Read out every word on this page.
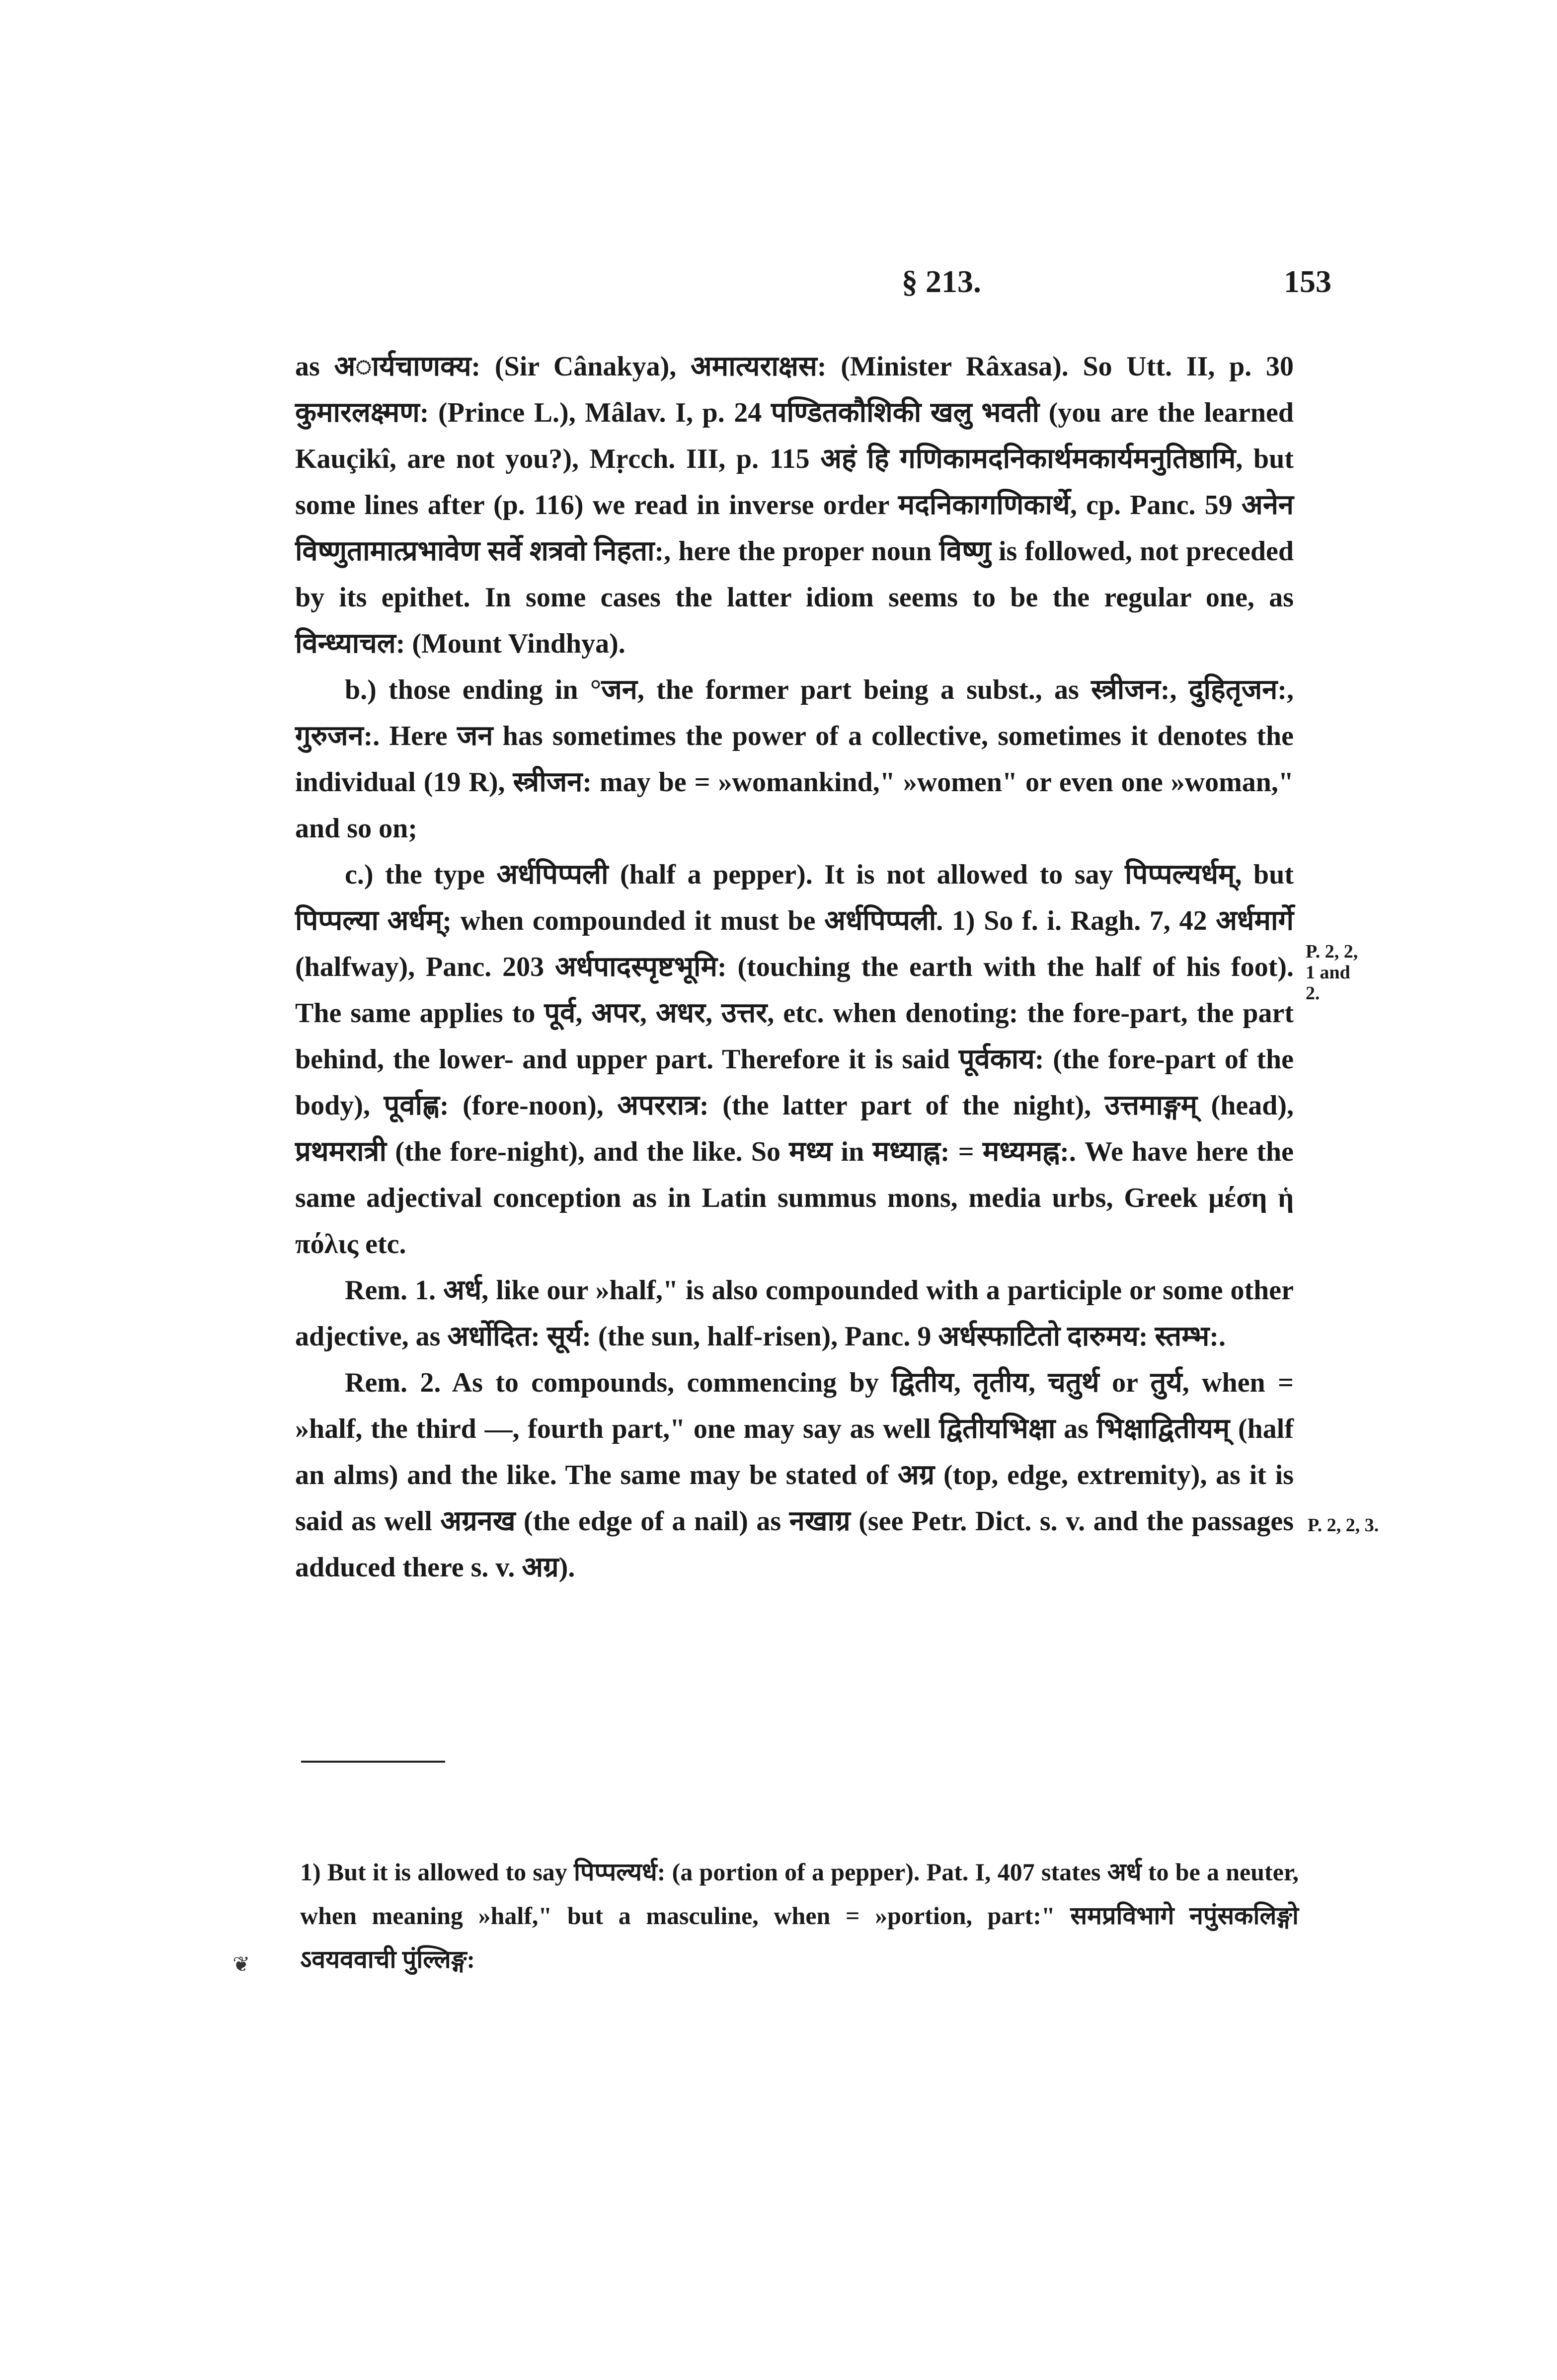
§ 213.	153

as अार्यचाणक्य: (Sir Cânakya), अमात्यराक्षस: (Minister Râxasa). So Utt. II, p. 30 कुमारलक्ष्मण: (Prince L.), Mâlav. I, p. 24 पण्डितकौशिकी खलु भवती (you are the learned Kauçikî, are not you?), Mṛcch. III, p. 115 अहं हि गणिकामदनिकार्थमकार्यमनुतिष्ठामि, but some lines after (p. 116) we read in inverse order मदनिकागणिकार्थे, cp. Panc. 59 अनेन विष्णुतामात्प्रभावेण सर्वे शत्रवो निहता:, here the proper noun विष्णु is followed, not preceded by its epithet. In some cases the latter idiom seems to be the regular one, as विन्ध्याचल: (Mount Vindhya).

b.) those ending in °जन, the former part being a subst., as स्त्रीजन:, दुहितृजन:, गुरुजन:. Here जन has sometimes the power of a collective, sometimes it denotes the individual (19 R), स्त्रीजन: may be = »womankind," »women" or even one »woman," and so on;

c.) the type अर्धपिप्पली (half a pepper). It is not allowed to say पिप्पल्यर्धम्, but पिप्पल्या अर्धम्; when compounded it must be अर्धपिप्पली. 1) So f. i. Ragh. 7, 42 अर्धमार्गे (halfway), Panc. 203 अर्धपादस्पृष्टभूमि: (touching the earth with the half of his foot). The same applies to पूर्व, अपर, अधर, उत्तर, etc. when denoting: the fore-part, the part behind, the lower- and upper part. Therefore it is said पूर्वकाय: (the fore-part of the body), पूर्वाह्ण: (fore-noon), अपररात्र: (the latter part of the night), उत्तमाङ्गम् (head), प्रथमरात्री (the fore-night), and the like. So मध्य in मध्याह्न: = मध्यमह्न:. We have here the same adjectival conception as in Latin summus mons, media urbs, Greek μέση ἡ πόλις etc.

Rem. 1. अर्ध, like our »half," is also compounded with a participle or some other adjective, as अर्धोदित: सूर्य: (the sun, half-risen), Panc. 9 अर्धस्फाटितो दारुमय: स्तम्भ:.

Rem. 2. As to compounds, commencing by द्वितीय, तृतीय, चतुर्थ or तुर्य, when = »half, the third —, fourth part," one may say as well द्वितीयभिक्षा as भिक्षाद्वितीयम् (half an alms) and the like. The same may be stated of अग्र (top, edge, extremity), as it is said as well अग्रनख (the edge of a nail) as नखाग्र (see Petr. Dict. s. v. and the passages adduced there s. v. अग्र).

P. 2, 2,
1 and 2.
P. 2, 2, 3.

1) But it is allowed to say पिप्पल्यर्ध: (a portion of a pepper). Pat. I, 407 states अर्ध to be a neuter, when meaning »half," but a masculine, when = »portion, part:" समप्रविभागे नपुंसकलिङ्गो ऽवयववाची पुंल्लिङ्ग:

❦
